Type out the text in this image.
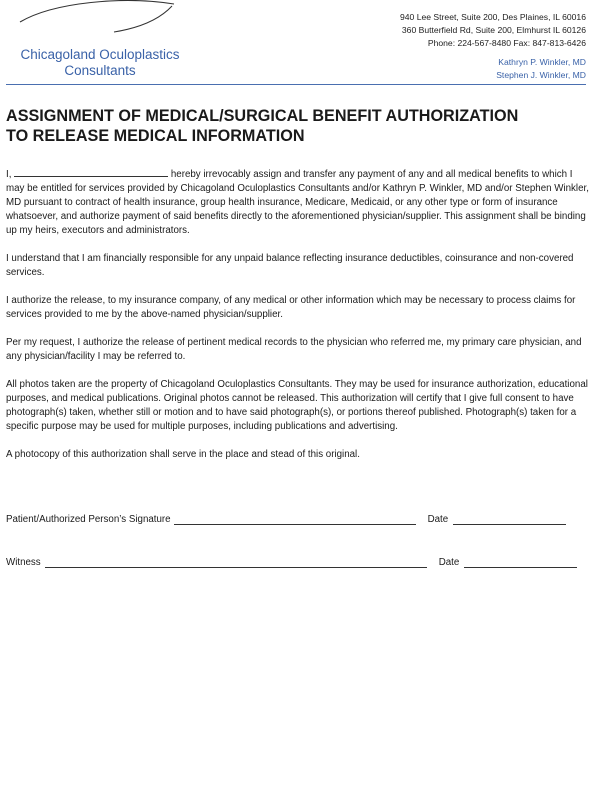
Chicagoland Oculoplastics
Consultants
940 Lee Street, Suite 200, Des Plaines, IL 60016
360 Butterfield Rd, Suite 200, Elmhurst IL 60126
Phone: 224-567-8480 Fax: 847-813-6426
Kathryn P. Winkler, MD
Stephen J. Winkler, MD
ASSIGNMENT OF MEDICAL/SURGICAL BENEFIT AUTHORIZATION
TO RELEASE MEDICAL INFORMATION

I,	hereby irrevocably assign and transfer any payment of any and all medical benefits to which I may be entitled for services provided by Chicagoland Oculoplastics Consultants and/or Kathryn P. Winkler, MD and/or Stephen Winkler, MD pursuant to contract of health insurance, group health insurance, Medicare, Medicaid, or any other type or form of insurance whatsoever, and authorize payment of said benefits directly to the aforementioned physician/supplier. This assignment shall be binding up my heirs, executors and administrators.

I understand that I am financially responsible for any unpaid balance reflecting insurance deductibles, coinsurance and non-covered services.

I authorize the release, to my insurance company, of any medical or other information which may be necessary to process claims for services provided to me by the above-named physician/supplier.

Per my request, I authorize the release of pertinent medical records to the physician who referred me, my primary care physician, and any physician/facility I may be referred to.

All photos taken are the property of Chicagoland Oculoplastics Consultants. They may be used for insurance authorization, educational purposes, and medical publications. Original photos cannot be released. This authorization will certify that I give full consent to have photograph(s) taken, whether still or motion and to have said photograph(s), or portions thereof published. Photograph(s) taken for a specific purpose may be used for multiple purposes, including publications and advertising.

A photocopy of this authorization shall serve in the place and stead of this original.

Patient/Authorized Person’s Signature	Date
Witness	Date
